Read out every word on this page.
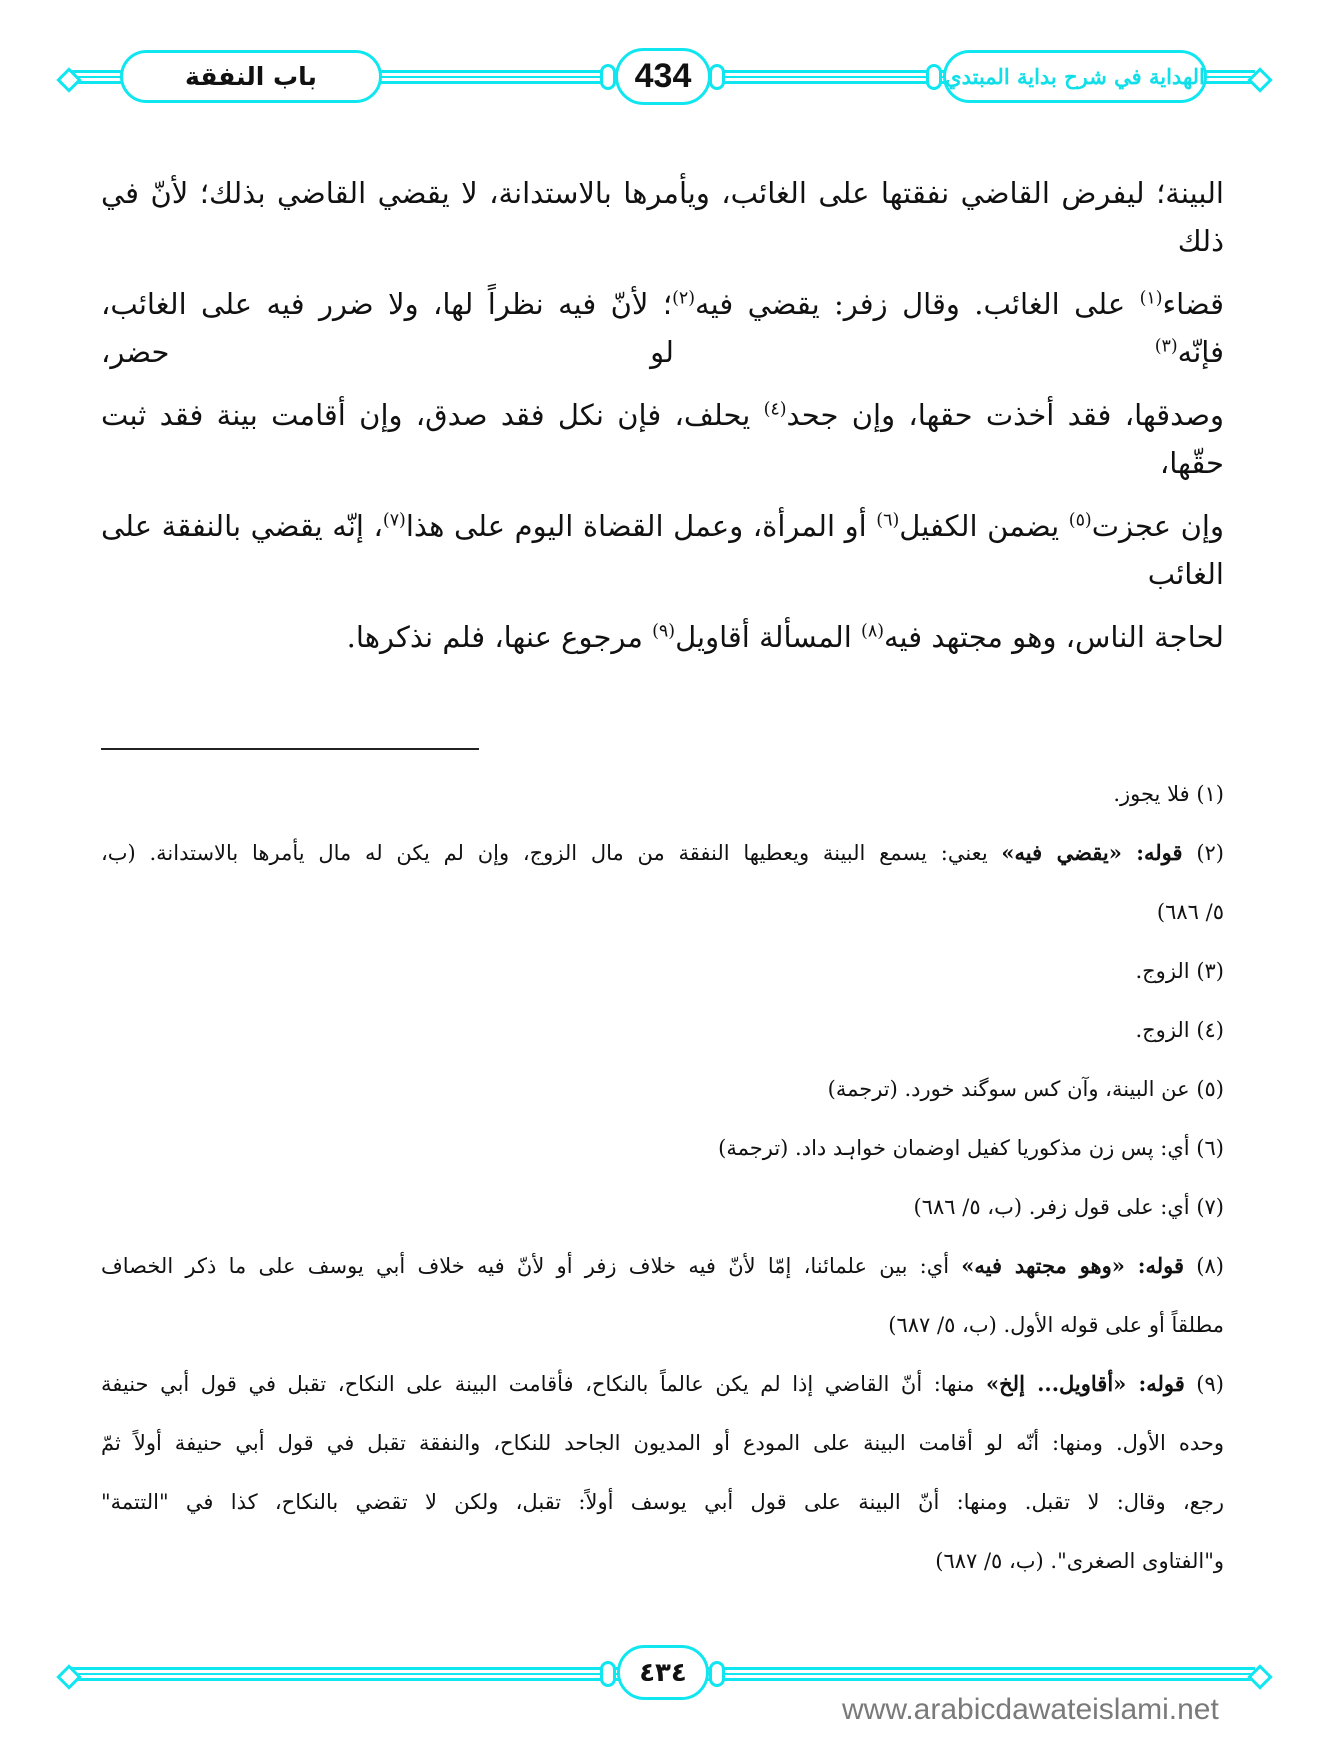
باب النفقة	434	الهداية في شرح بداية المبتدي
البينة؛ ليفرض القاضي نفقتها على الغائب، ويأمرها بالاستدانة، لا يقضي القاضي بذلك؛ لأنّ في ذلك
قضاء$^{(١)}$ على الغائب. وقال زفر: يقضي فيه$^{(٢)}$؛ لأنّ فيه نظراً لها، ولا ضرر فيه على الغائب، فإنّه$^{(٣)}$ لو حضر،
وصدقها، فقد أخذت حقها، وإن جحد$^{(٤)}$ يحلف، فإن نكل فقد صدق، وإن أقامت بينة فقد ثبت حقّها،
وإن عجزت$^{(٥)}$ يضمن الكفيل$^{(٦)}$ أو المرأة، وعمل القضاة اليوم على هذا$^{(٧)}$، إنّه يقضي بالنفقة على الغائب
لحاجة الناس، وهو مجتهد فيه$^{(٨)}$ المسألة أقاويل$^{(٩)}$ مرجوع عنها، فلم نذكرها.
(١) فلا يجوز.
(٢) قوله: «يقضي فيه» يعني: يسمع البينة ويعطيها النفقة من مال الزوج، وإن لم يكن له مال يأمرها بالاستدانة. (ب،
٥/ ٦٨٦)
(٣) الزوج.
(٤) الزوج.
(٥) عن البينة، وآن كس سوگند خورد. (ترجمة)
(٦) أي: پس زن مذكوريا كفيل اوضمان خواہد داد. (ترجمة)
(٧) أي: على قول زفر. (ب، ٥/ ٦٨٦)
(٨) قوله: «وهو مجتهد فيه» أي: بين علمائنا، إمّا لأنّ فيه خلاف زفر أو لأنّ فيه خلاف أبي يوسف على ما ذكر الخصاف
مطلقاً أو على قوله الأول. (ب، ٥/ ٦٨٧)
(٩) قوله: «أقاويل... إلخ» منها: أنّ القاضي إذا لم يكن عالماً بالنكاح، فأقامت البينة على النكاح، تقبل في قول أبي حنيفة
وحده الأول. ومنها: أنّه لو أقامت البينة على المودع أو المديون الجاحد للنكاح، والنفقة تقبل في قول أبي حنيفة أولاً ثمّ
رجع، وقال: لا تقبل. ومنها: أنّ البينة على قول أبي يوسف أولاً: تقبل، ولكن لا تقضي بالنكاح، كذا في "التتمة"
و"الفتاوى الصغرى". (ب، ٥/ ٦٨٧)
٤٣٤
www.arabicdawateislami.net
